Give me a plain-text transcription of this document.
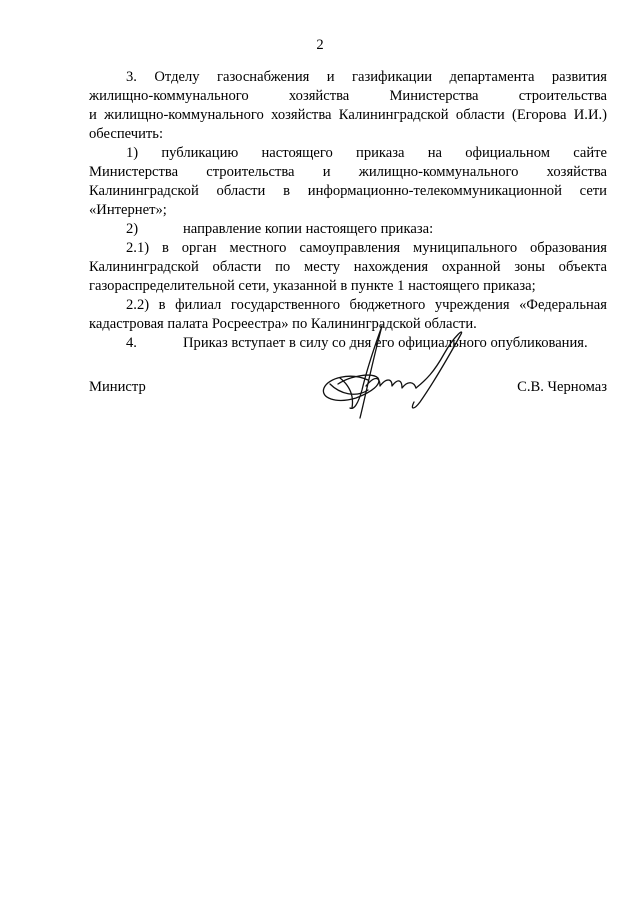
2

3. Отделу газоснабжения и газификации департамента развития

жилищно-коммунального хозяйства Министерства строительства

и жилищно-коммунального хозяйства Калининградской области (Егорова И.И.)

обеспечить:

1) публикацию настоящего приказа на официальном сайте

Министерства строительства и жилищно-коммунального хозяйства

Калининградской области в информационно-телекоммуникационной сети

«Интернет»;

2)	направление копии настоящего приказа:

2.1) в орган местного самоуправления муниципального образования

Калининградской области по месту нахождения охранной зоны объекта

газораспределительной сети, указанной в пункте 1 настоящего приказа;

2.2) в филиал государственного бюджетного учреждения «Федеральная

кадастровая палата Росреестра» по Калининградской области.

4.	Приказ вступает в силу со дня его официального опубликования.

Министр	С.В. Черномаз
